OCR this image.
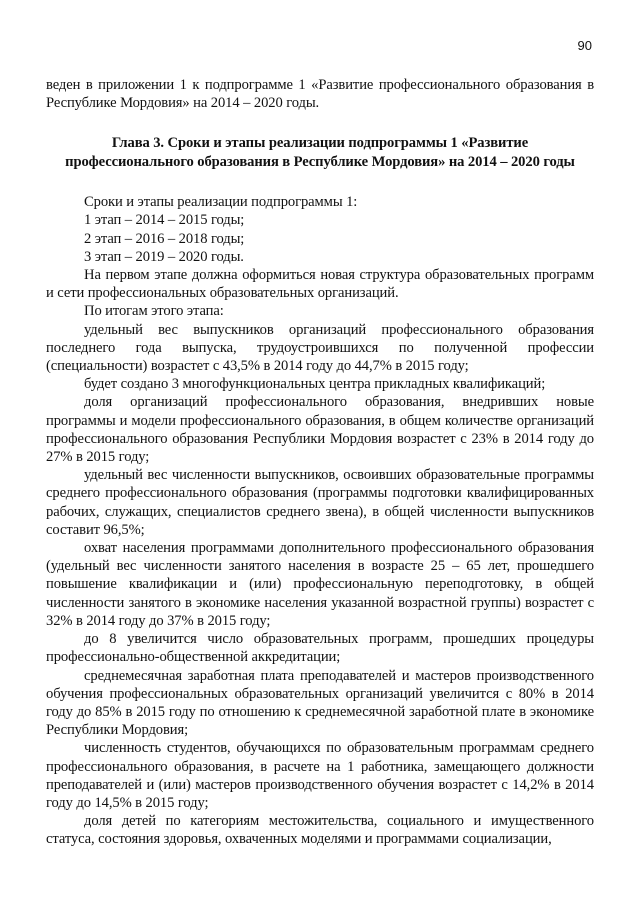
90

веден в приложении 1 к подпрограмме 1 «Развитие профессионального образования в Республике Мордовия» на 2014 – 2020 годы.

Глава 3. Сроки и этапы реализации подпрограммы 1 «Развитие профессионального образования в Республике Мордовия» на 2014 – 2020 годы

Сроки и этапы реализации подпрограммы 1:

1 этап – 2014 – 2015 годы;

2 этап – 2016 – 2018 годы;

3 этап – 2019 – 2020 годы.

На первом этапе должна оформиться новая структура образовательных программ и сети профессиональных образовательных организаций.

По итогам этого этапа:

удельный вес выпускников организаций профессионального образования последнего года выпуска, трудоустроившихся по полученной профессии (специальности) возрастет с 43,5% в 2014 году до 44,7% в 2015 году;

будет создано 3 многофункциональных центра прикладных квалификаций;

доля организаций профессионального образования, внедривших новые программы и модели профессионального образования, в общем количестве организаций профессионального образования Республики Мордовия возрастет с 23% в 2014 году до 27% в 2015 году;

удельный вес численности выпускников, освоивших образовательные программы среднего профессионального образования (программы подготовки квалифицированных рабочих, служащих, специалистов среднего звена), в общей численности выпускников составит 96,5%;

охват населения программами дополнительного профессионального образования (удельный вес численности занятого населения в возрасте 25 – 65 лет, прошедшего повышение квалификации и (или) профессиональную переподготовку, в общей численности занятого в экономике населения указанной возрастной группы) возрастет с 32% в 2014 году до 37% в 2015 году;

до 8 увеличится число образовательных программ, прошедших процедуры профессионально-общественной аккредитации;

среднемесячная заработная плата преподавателей и мастеров производственного обучения профессиональных образовательных организаций увеличится с 80% в 2014 году до 85% в 2015 году по отношению к среднемесячной заработной плате в экономике Республики Мордовия;

численность студентов, обучающихся по образовательным программам среднего профессионального образования, в расчете на 1 работника, замещающего должности преподавателей и (или) мастеров производственного обучения возрастет с 14,2% в 2014 году до 14,5% в 2015 году;

доля детей по категориям местожительства, социального и имущественного статуса, состояния здоровья, охваченных моделями и программами социализации,
